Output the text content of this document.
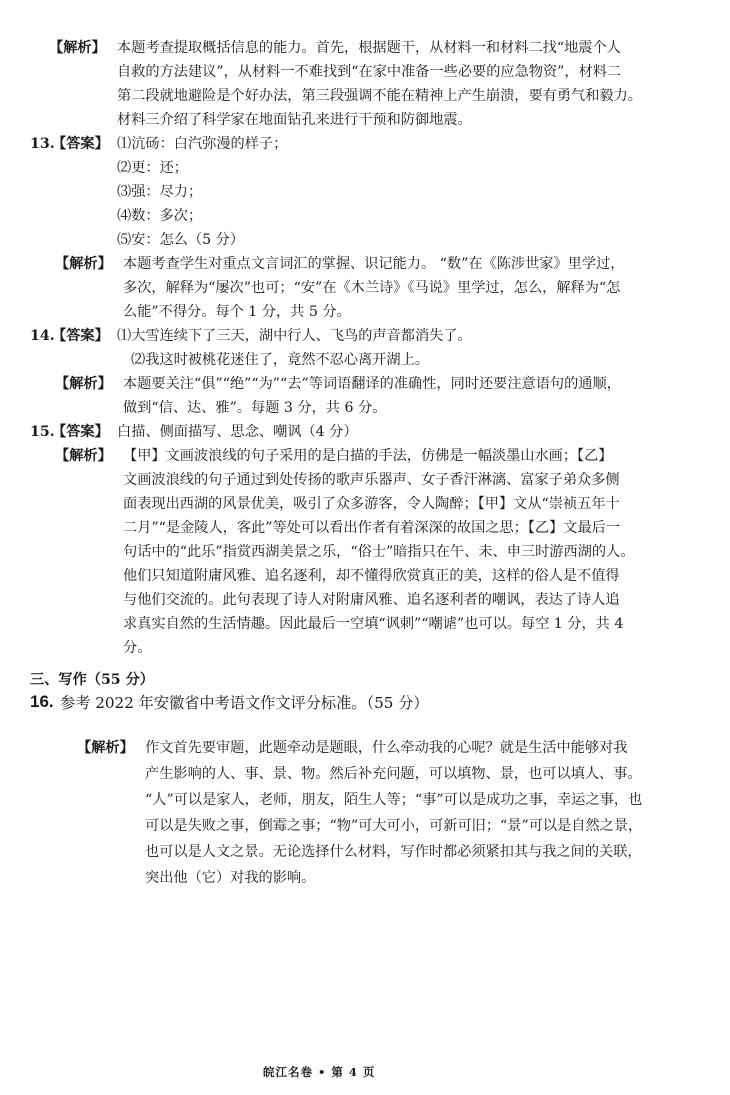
【解析】 本题考查提取概括信息的能力。首先，根据题干，从材料一和材料二找“地震个人
自救的方法建议”，从材料一不难找到“在家中准备一些必要的应急物资”，材料二
第二段就地避险是个好办法，第三段强调不能在精神上产生崩溃，要有勇气和毅力。
材料三介绍了科学家在地面钻孔来进行干预和防御地震。
13.
【答案】 ⑴沆砀：白汽弥漫的样子；
⑵更：还；
⑶强：尽力；
⑷数：多次；
⑸安：怎么（5 分）
【解析】 本题考查学生对重点文言词汇的掌握、识记能力。 “数”在《陈涉世家》里学过，
多次，解释为“屡次”也可；“安”在《木兰诗》《马说》里学过，怎么，解释为“怎
么能”不得分。每个 1 分，共 5 分。
14.
【答案】 ⑴大雪连续下了三天，湖中行人、飞鸟的声音都消失了。
⑵我这时被桃花迷住了，竟然不忍心离开湖上。
【解析】 本题要关注“俱”“绝”“为”“去”等词语翻译的准确性，同时还要注意语句的通顺，
做到“信、达、雅”。每题 3 分，共 6 分。
15.
【答案】 白描、侧面描写、思念、嘲讽（4 分）
【解析】 【甲】文画波浪线的句子采用的是白描的手法，仿佛是一幅淡墨山水画；【乙】
文画波浪线的句子通过到处传扬的歌声乐器声、女子香汗淋漓、富家子弟众多侧
面表现出西湖的风景优美，吸引了众多游客，令人陶醉；【甲】文从“崇祯五年十
二月”“是金陵人，客此”等处可以看出作者有着深深的故国之思；【乙】文最后一
句话中的“此乐”指赏西湖美景之乐，“俗士”暗指只在午、未、申三时游西湖的人。
他们只知道附庸风雅、追名逐利，却不懂得欣赏真正的美，这样的俗人是不值得
与他们交流的。此句表现了诗人对附庸风雅、追名逐利者的嘲讽，表达了诗人追
求真实自然的生活情趣。因此最后一空填“讽刺”“嘲谑”也可以。每空 1 分，共 4
分。
三、写作（55 分）
16. 参考 2022 年安徽省中考语文作文评分标准。（55 分）
【解析】 作文首先要审题，此题牵动是题眼，什么牵动我的心呢？就是生活中能够对我
产生影响的人、事、景、物。然后补充问题，可以填物、景，也可以填人、事。
“人”可以是家人，老师，朋友，陌生人等；“事”可以是成功之事，幸运之事，也
可以是失败之事，倒霉之事；“物”可大可小，可新可旧；“景”可以是自然之景，
也可以是人文之景。无论选择什么材料，写作时都必须紧扣其与我之间的关联，
突出他（它）对我的影响。
皖江名卷 • 第 4 页
